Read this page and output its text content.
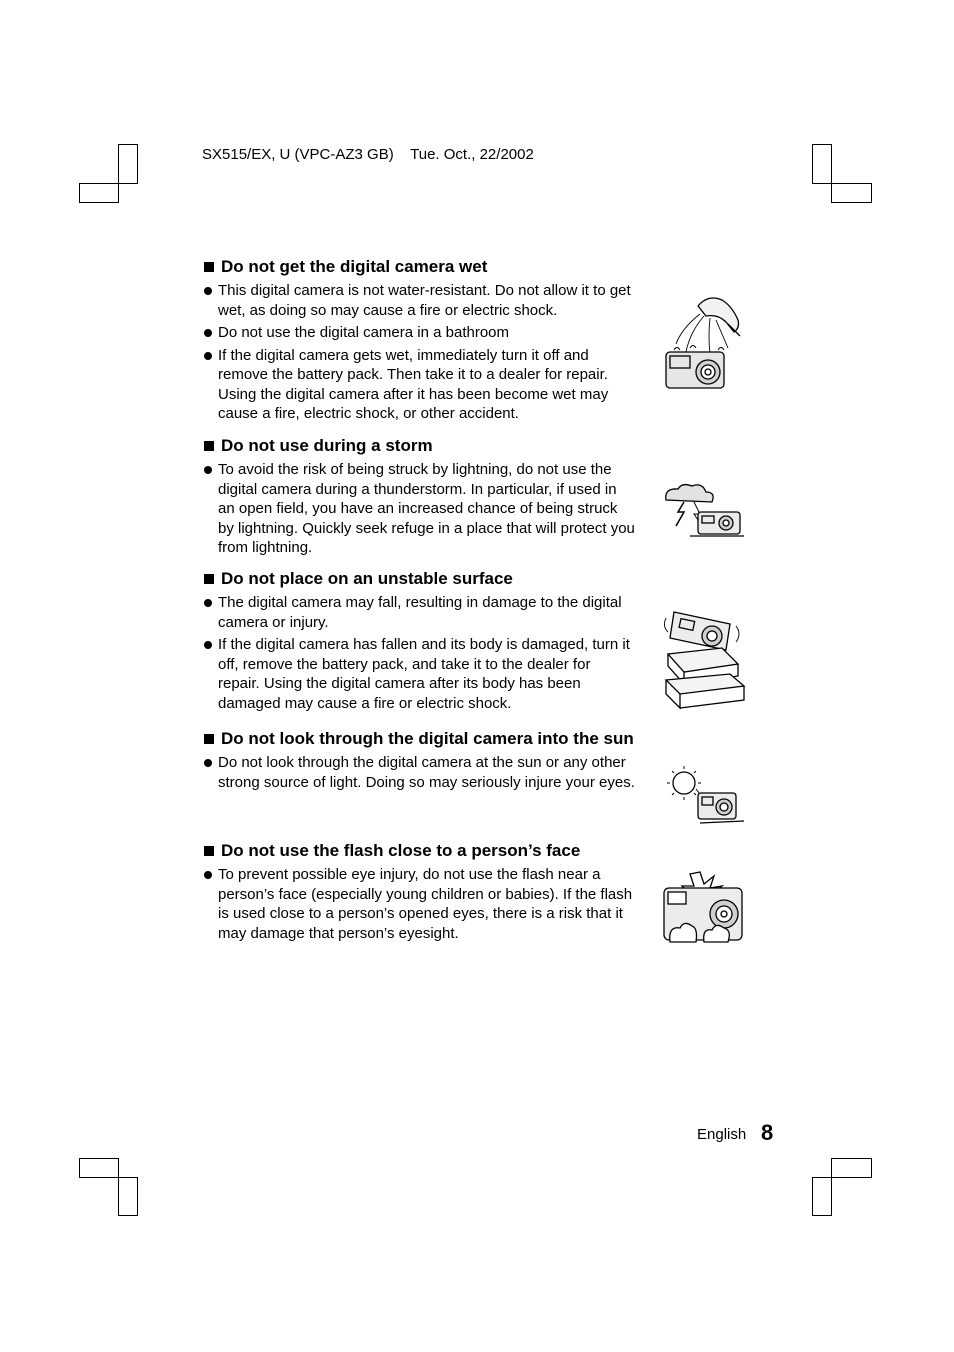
SX515/EX, U (VPC-AZ3 GB)    Tue. Oct., 22/2002
Do not get the digital camera wet
This digital camera is not water-resistant. Do not allow it to get wet, as doing so may cause a fire or electric shock.
Do not use the digital camera in a bathroom
If the digital camera gets wet, immediately turn it off and remove the battery pack. Then take it to a dealer for repair. Using the digital camera after it has been become wet may cause a fire, electric shock, or other accident.
Do not use during a storm
To avoid the risk of being struck by lightning, do not use the digital camera during a thunderstorm. In particular, if used in an open field, you have an increased chance of being struck by lightning. Quickly seek refuge in a place that will protect you from lightning.
Do not place on an unstable surface
The digital camera may fall, resulting in damage to the digital camera or injury.
If the digital camera has fallen and its body is damaged, turn it off, remove the battery pack, and take it to the dealer for repair. Using the digital camera after its body has been damaged may cause a fire or electric shock.
Do not look through the digital camera into the sun
Do not look through the digital camera at the sun or any other strong source of light. Doing so may seriously injure your eyes.
Do not use the flash close to a person’s face
To prevent possible eye injury, do not use the flash near a person’s face (especially young children or babies). If the flash is used close to a person’s opened eyes, there is a risk that it may damage that person’s eyesight.
English 8
